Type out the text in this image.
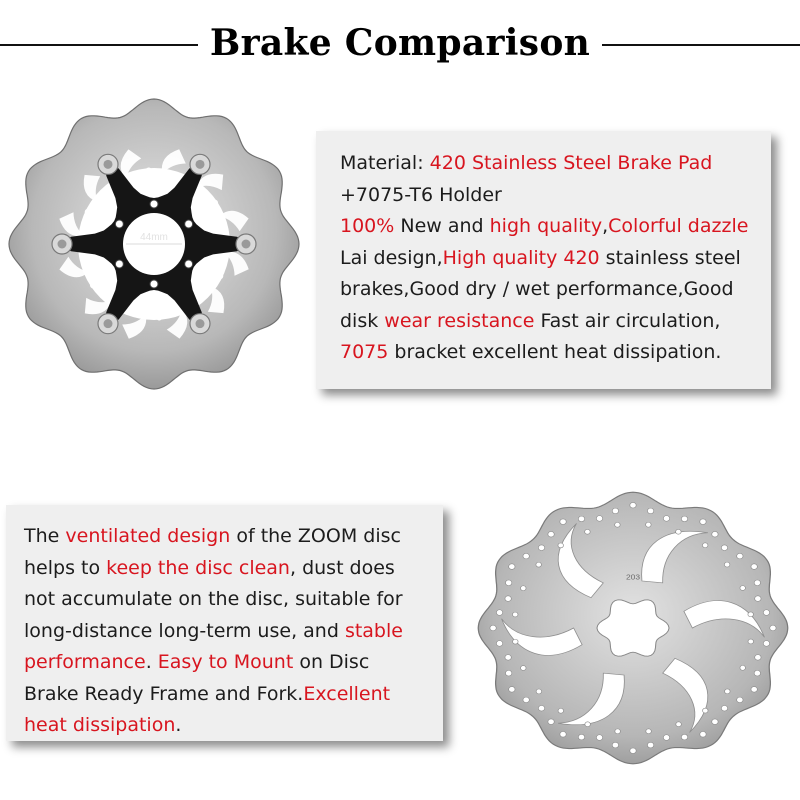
Brake Comparison
44mm
Material: 420 Stainless Steel Brake Pad
+7075-T6 Holder
100% New and high quality,Colorful dazzle
Lai design,High quality 420 stainless steel
brakes,Good dry / wet performance,Good
disk wear resistance Fast air circulation,
7075 bracket excellent heat dissipation.
The ventilated design of the ZOOM disc
helps to keep the disc clean, dust does
not accumulate on the disc, suitable for
long-distance long-term use, and stable
performance. Easy to Mount on Disc
Brake Ready Frame and Fork.Excellent
heat dissipation.
203
